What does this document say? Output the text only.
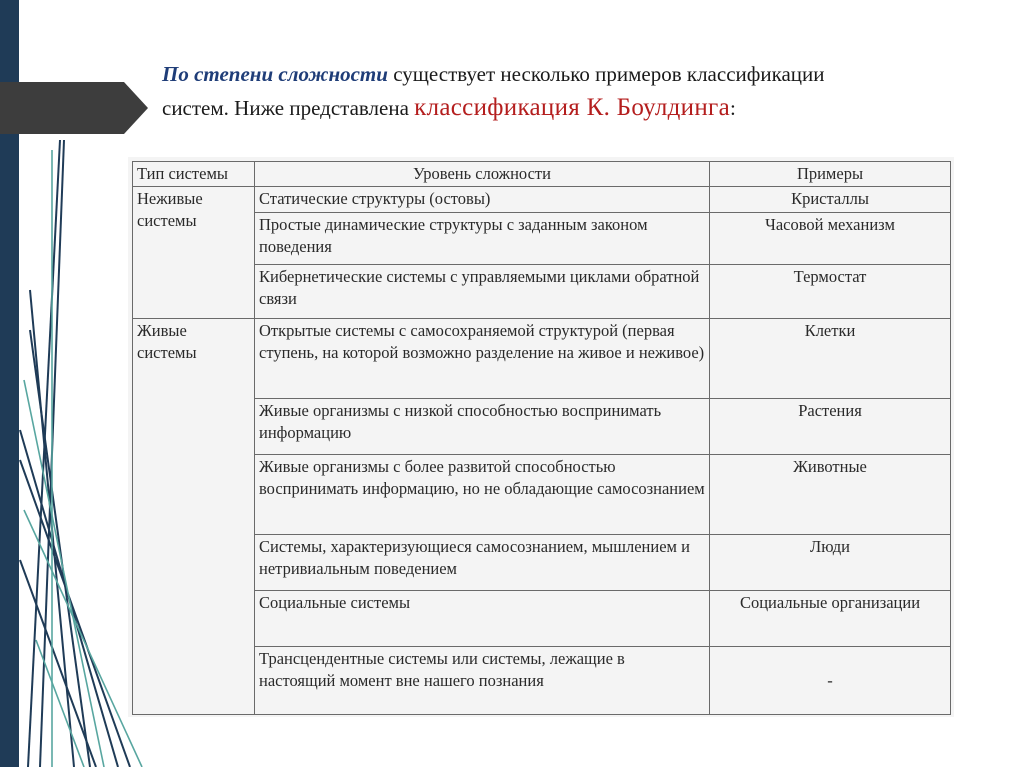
По степени сложности существует несколько примеров классификации
систем. Ниже представлена классификация К. Боулдинга:
Тип системы	Уровень сложности	Примеры
Неживые системы	Статические структуры (остовы)	Кристаллы
	Простые динамические структуры с заданным законом поведения	Часовой механизм
	Кибернетические системы с управляемыми циклами обратной связи	Термостат
Живые системы	Открытые системы с самосохраняемой структурой (первая ступень, на которой возможно разделение на живое и неживое)	Клетки
	Живые организмы с низкой способностью воспринимать информацию	Растения
	Живые организмы с более развитой способностью воспринимать информацию, но не обладающие самосознанием	Животные
	Системы, характеризующиеся самосознанием, мышлением и нетривиальным поведением	Люди
	Социальные системы	Социальные организации
	Трансцендентные системы или системы, лежащие в настоящий момент вне нашего познания	-
